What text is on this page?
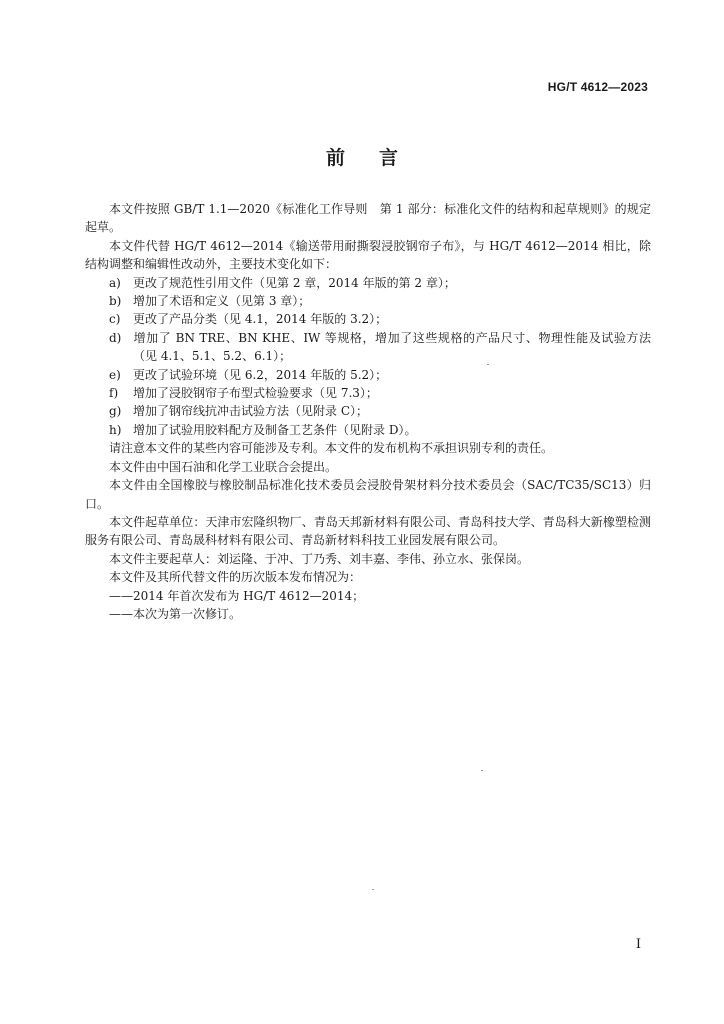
HG/T 4612—2023
前言

本文件按照 GB/T 1.1—2020《标准化工作导则　第 1 部分：标准化文件的结构和起草规则》的规定起草。

本文件代替 HG/T 4612—2014《输送带用耐撕裂浸胶钢帘子布》，与 HG/T 4612—2014 相比，除结构调整和编辑性改动外，主要技术变化如下：

a) 更改了规范性引用文件（见第 2 章，2014 年版的第 2 章）；

b) 增加了术语和定义（见第 3 章）；

c) 更改了产品分类（见 4.1，2014 年版的 3.2）；

d) 增加了 BN TRE、BN KHE、IW 等规格，增加了这些规格的产品尺寸、物理性能及试验方法（见 4.1、5.1、5.2、6.1）；

e) 更改了试验环境（见 6.2，2014 年版的 5.2）；

f) 增加了浸胶钢帘子布型式检验要求（见 7.3）；

g) 增加了钢帘线抗冲击试验方法（见附录 C）；

h) 增加了试验用胶料配方及制备工艺条件（见附录 D）。

请注意本文件的某些内容可能涉及专利。本文件的发布机构不承担识别专利的责任。

本文件由中国石油和化学工业联合会提出。

本文件由全国橡胶与橡胶制品标准化技术委员会浸胶骨架材料分技术委员会（SAC/TC35/SC13）归口。

本文件起草单位：天津市宏隆织物厂、青岛天邦新材料有限公司、青岛科技大学、青岛科大新橡塑检测服务有限公司、青岛晟科材料有限公司、青岛新材料科技工业园发展有限公司。

本文件主要起草人：刘运隆、于冲、丁乃秀、刘丰嘉、李伟、孙立水、张保岗。

本文件及其所代替文件的历次版本发布情况为：

——2014 年首次发布为 HG/T 4612—2014；

——本次为第一次修订。

I
